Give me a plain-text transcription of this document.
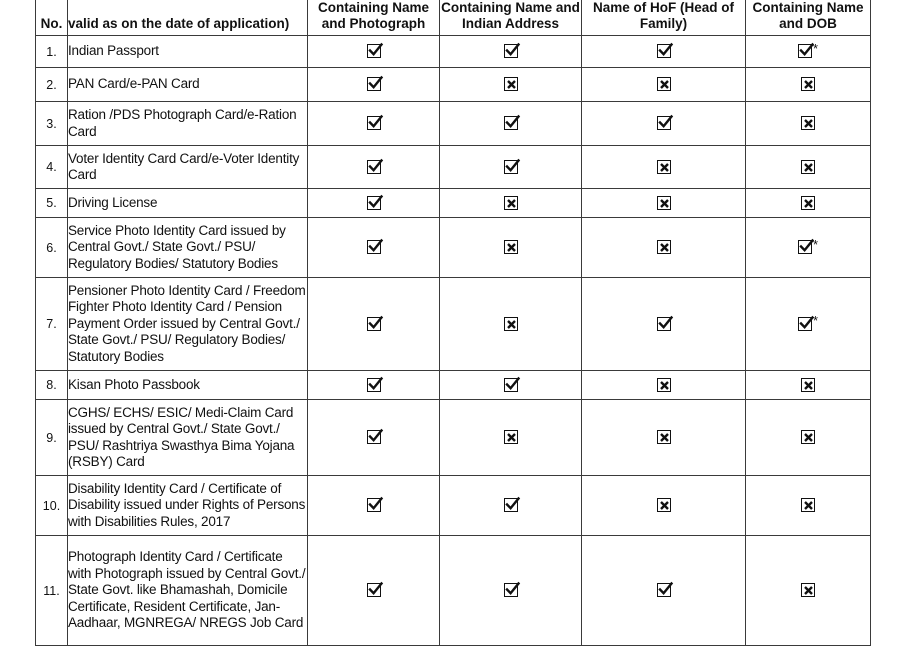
No.	valid as on the date of application)	Containing Name and Photograph	Containing Name and Indian Address	Name of HoF (Head of Family)	Containing Name and DOB

1.	Indian Passport				*
2.	PAN Card/e-PAN Card	

3.	Ration /PDS Photograph Card/e-Ration Card	

4.	Voter Identity Card Card/e-Voter Identity Card	

5.	Driving License	

6.	Service Photo Identity Card issued by Central Govt./ State Govt./ PSU/ Regulatory Bodies/ Statutory Bodies				*
7.	Pensioner Photo Identity Card / Freedom Fighter Photo Identity Card / Pension Payment Order issued by Central Govt./ State Govt./ PSU/ Regulatory Bodies/ Statutory Bodies				*
8.	Kisan Photo Passbook	

9.	CGHS/ ECHS/ ESIC/ Medi-Claim Card issued by Central Govt./ State Govt./ PSU/ Rashtriya Swasthya Bima Yojana (RSBY) Card	

10.	Disability Identity Card / Certificate of Disability issued under Rights of Persons with Disabilities Rules, 2017	

11.	Photograph Identity Card / Certificate with Photograph issued by Central Govt./ State Govt. like Bhamashah, Domicile Certificate, Resident Certificate, Jan-Aadhaar, MGNREGA/ NREGS Job Card	
